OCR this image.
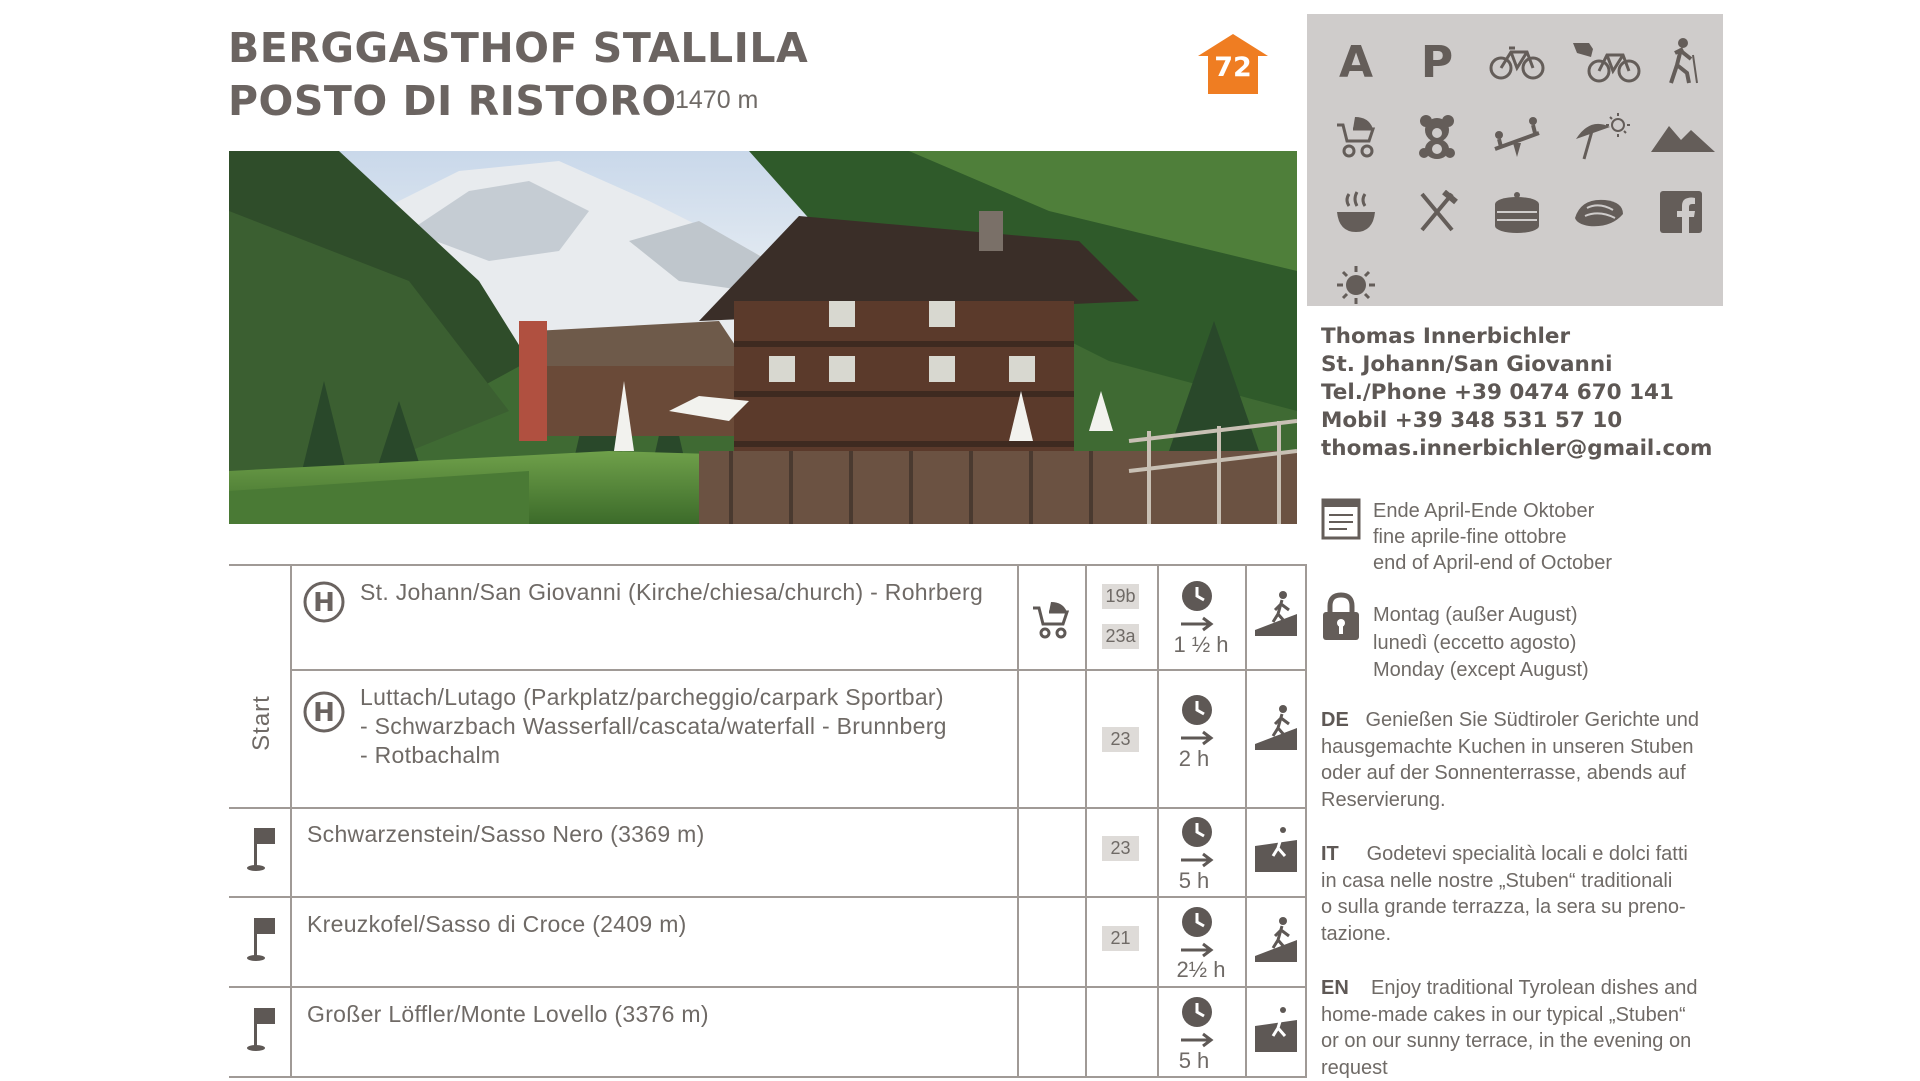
BERGGASTHOF STALLILA
POSTO DI RISTORO
1470 m
72
Start
H St. Johann/San Giovanni (Kirche/chiesa/church) - Rohrberg	19b
23a	1 ½ h
H
Luttach/Lutago (Parkplatz/parcheggio/carpark Sportbar)
- Schwarzbach Wasserfall/cascata/waterfall - Brunnberg
- Rotbachalm
23
2 h
Schwarzenstein/Sasso Nero (3369 m)
23
5 h
Kreuzkofel/Sasso di Croce (2409 m)
21
2½ h
Großer Löffler/Monte Lovello (3376 m)
5 h
A P
Thomas Innerbichler
St. Johann/San Giovanni
Tel./Phone +39 0474 670 141
Mobil +39 348 531 57 10
thomas.innerbichler@gmail.com
Ende April-Ende Oktober
fine aprile-fine ottobre
end of April-end of October
Montag (außer August)
lunedì (eccetto agosto)
Monday (except August)
DE Genießen Sie Südtiroler Gerichte und
hausgemachte Kuchen in unseren Stuben
oder auf der Sonnenterrasse, abends auf
Reservierung.
IT Godetevi specialità locali e dolci fatti
in casa nelle nostre „Stuben“ traditionali
o sulla grande terrazza, la sera su preno-
tazione.
EN Enjoy traditional Tyrolean dishes and
home-made cakes in our typical „Stuben“
or on our sunny terrace, in the evening on
request
